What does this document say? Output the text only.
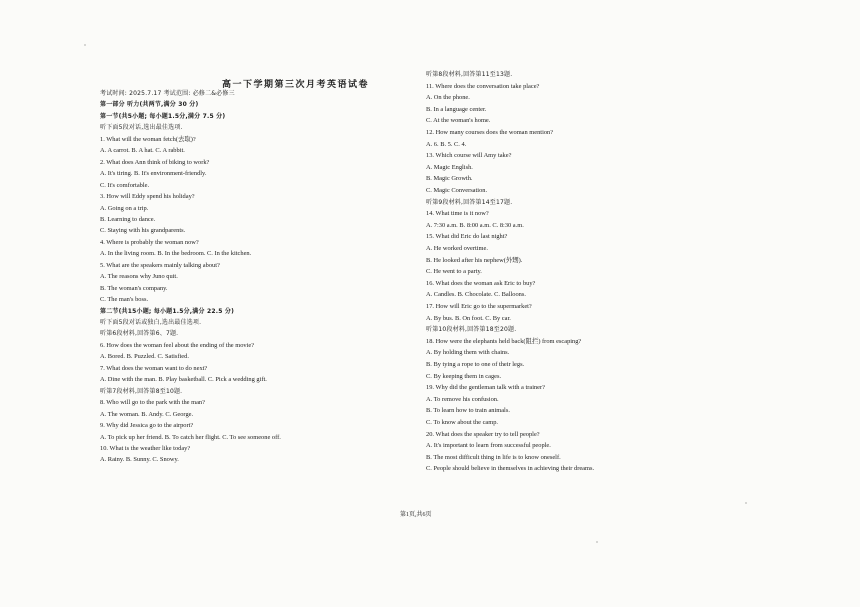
高一下学期第三次月考英语试卷
考试时间: 2025.7.17 考试范围: 必修二&必修三
第一部分 听力(共两节,满分 30 分)
第一节(共5小题; 每小题1.5分,满分 7.5 分)
听下面5段对话,选出最佳选项.
1. What will the woman fetch(去取)?
A. A carrot. B. A hat. C. A rabbit.
2. What does Ann think of biking to work?
A. It's tiring. B. It's environment-friendly.
C. It's comfortable.
3. How will Eddy spend his holiday?
A. Going on a trip.
B. Learning to dance.
C. Staying with his grandparents.
4. Where is probably the woman now?
A. In the living room. B. In the bedroom. C. In the kitchen.
5. What are the speakers mainly talking about?
A. The reasons why Juno quit.
B. The woman's company.
C. The man's boss.
第二节(共15小题; 每小题1.5分,满分 22.5 分)
听下面5段对话或独白,选出最佳选项.
听第6段材料,回答第6、7题.
6. How does the woman feel about the ending of the movie?
A. Bored. B. Puzzled. C. Satisfied.
7. What does the woman want to do next?
A. Dine with the man. B. Play basketball. C. Pick a wedding gift.
听第7段材料,回答第8至10题.
8. Who will go to the park with the man?
A. The woman. B. Andy. C. George.
9. Why did Jessica go to the airport?
A. To pick up her friend. B. To catch her flight. C. To see someone off.
10. What is the weather like today?
A. Rainy. B. Sunny. C. Snowy.
听第8段材料,回答第11至13题.
11. Where does the conversation take place?
A. On the phone.
B. In a language center.
C. At the woman's home.
12. How many courses does the woman mention?
A. 6. B. 5. C. 4.
13. Which course will Amy take?
A. Magic English.
B. Magic Growth.
C. Magic Conversation.
听第9段材料,回答第14至17题.
14. What time is it now?
A. 7:30 a.m. B. 8:00 a.m. C. 8:30 a.m.
15. What did Eric do last night?
A. He worked overtime.
B. He looked after his nephew(外甥).
C. He went to a party.
16. What does the woman ask Eric to buy?
A. Candles. B. Chocolate. C. Balloons.
17. How will Eric go to the supermarket?
A. By bus. B. On foot. C. By car.
听第10段材料,回答第18至20题.
18. How were the elephants held back(阻拦) from escaping?
A. By holding them with chains.
B. By tying a rope to one of their legs.
C. By keeping them in cages.
19. Why did the gentleman talk with a trainer?
A. To remove his confusion.
B. To learn how to train animals.
C. To know about the camp.
20. What does the speaker try to tell people?
A. It's important to learn from successful people.
B. The most difficult thing in life is to know oneself.
C. People should believe in themselves in achieving their dreams.
第1页,共6页
